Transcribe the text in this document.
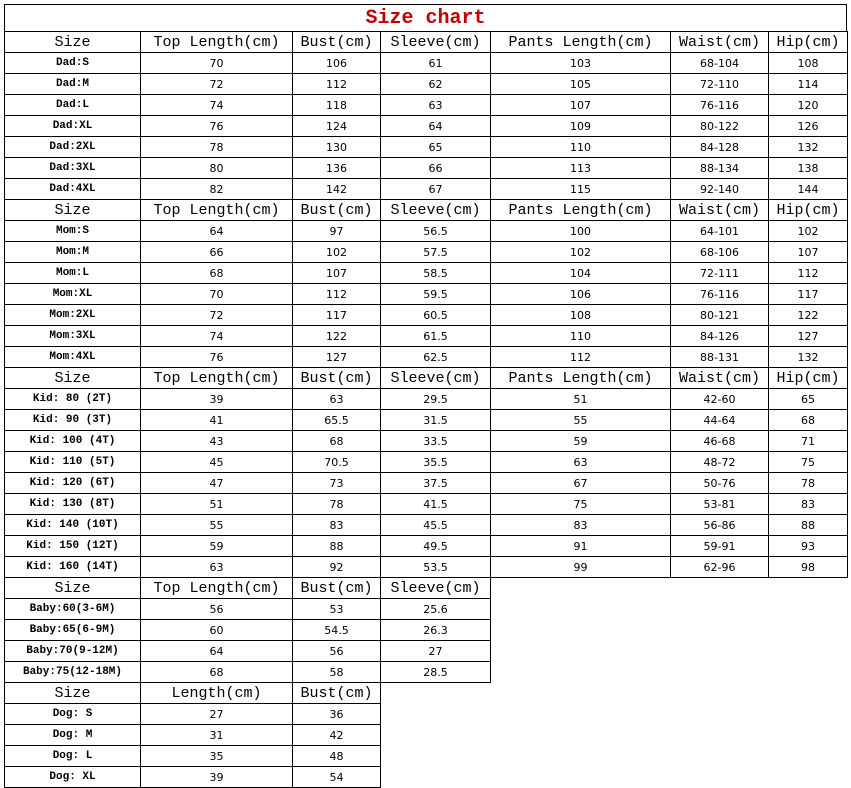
Size chart
Size	Top Length(cm)	Bust(cm)	Sleeve(cm)	Pants Length(cm)	Waist(cm)	Hip(cm)
Dad:S	70	106	61	103	68-104	108
Dad:M	72	112	62	105	72-110	114
Dad:L	74	118	63	107	76-116	120
Dad:XL	76	124	64	109	80-122	126
Dad:2XL	78	130	65	110	84-128	132
Dad:3XL	80	136	66	113	88-134	138
Dad:4XL	82	142	67	115	92-140	144
Size	Top Length(cm)	Bust(cm)	Sleeve(cm)	Pants Length(cm)	Waist(cm)	Hip(cm)
Mom:S	64	97	56.5	100	64-101	102
Mom:M	66	102	57.5	102	68-106	107
Mom:L	68	107	58.5	104	72-111	112
Mom:XL	70	112	59.5	106	76-116	117
Mom:2XL	72	117	60.5	108	80-121	122
Mom:3XL	74	122	61.5	110	84-126	127
Mom:4XL	76	127	62.5	112	88-131	132
Size	Top Length(cm)	Bust(cm)	Sleeve(cm)	Pants Length(cm)	Waist(cm)	Hip(cm)
Kid: 80 (2T)	39	63	29.5	51	42-60	65
Kid: 90 (3T)	41	65.5	31.5	55	44-64	68
Kid: 100 (4T)	43	68	33.5	59	46-68	71
Kid: 110 (5T)	45	70.5	35.5	63	48-72	75
Kid: 120 (6T)	47	73	37.5	67	50-76	78
Kid: 130 (8T)	51	78	41.5	75	53-81	83
Kid: 140 (10T)	55	83	45.5	83	56-86	88
Kid: 150 (12T)	59	88	49.5	91	59-91	93
Kid: 160 (14T)	63	92	53.5	99	62-96	98
Size	Top Length(cm)	Bust(cm)	Sleeve(cm)
Baby:60(3-6M)	56	53	25.6
Baby:65(6-9M)	60	54.5	26.3
Baby:70(9-12M)	64	56	27
Baby:75(12-18M)	68	58	28.5
Size	Length(cm)	Bust(cm)
Dog: S	27	36
Dog: M	31	42
Dog: L	35	48
Dog: XL	39	54
